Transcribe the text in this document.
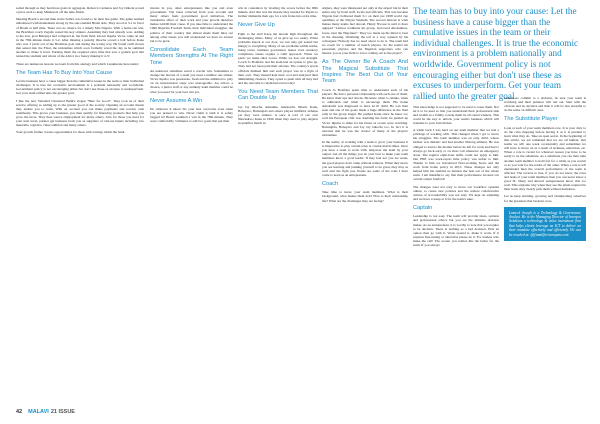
sailed through as they had more goals in aggregate. Rebecca Cardenas and Joy Oduola scored a pivot each to keep Minnesota off the nine-finish.

Meeting Brazil a second time in the Semi's was found to be their last game. The game seemed unbalanced with momentum strong by the star-studded Brazil side. They stood at 3-1 in favor of Brazil at half time. There was no chance for a timely Mrs Nigeria. With a home run win, the Brazilian coach Zagallo rested his key strikers. Assuming they had already won. Adding to the loss, goal Babajays had collapsed in, the fresh field, known Ikpeba Victor came on and in the 78th minute made it 3-2. After missing a penalty Okocha scored a ball before Kanu who was 3 yards out of the Brazilian goal and during the wrong way. He found swift moves that seized into the Final, the nicknames which soon formally saved the day as he summed another to make it level. Earning them the required extra time that saw a golden goal that turned the stadium and whole of the Africa in a frenzy making it 4-3!

There are numerous lessons we learn from this analogy and which I enumerate here under:

The Team Has To Buy Into Your Cause

Let the business have a cause bigger than the cumulative issues in the team or their individual challenges. It is true the economic environment is a problem nationally and worldwide. Government policy is not encouraging either but don't use those as excuses to underperform. Get your team rallied unto the greater goal.

I like the new Standard Chartered Bank's slogan "Here for Good". They took us of their service offering as adding up to the greater good of the society. Opening an account means they enable you to trade. With an account you can make payments and receive cash seamlessly. This grows your business, you then qualify for financing products that help you grow the more. They then source employment for many others. Jobs for those you need for your next level, partner get business from you as suppliers of various inputs including raw materials, logistics, value addition and many others.

Your growth further creates opportunities for those with savings which the bank

invests in you, other entrepreneurs like you and even government. The taxes collected from your account and many others fuels government good initiatives. The cumulative effect of their work and your growth therefore makes GOOD their cause. If you take time to understand the 1996 Nigerian Football Team, their individual struggles, the politics of their country that almost made them miss out among other issues you will understand we have no excuse but to be great.

Consolidate Each Team Members Strengths At The Right Tone

An unknown substitute saved a crucial win. Sometimes to change the morale of a team you need a number one striker. Victor Ikpeba was passionate, fresh and the ambition to play on an international stage was unstoppable. An action, a chance, a junior staff or any unlikely team member could be what you need for your best win yet.

Never Assume A Win

Do whatever it takes! Do your best overcome even when you are praised to win. Never claim it until it is safely bagged in! Brazil assumed a win in the 78th minute. They were comfortably 3 minutes to add two goals that put their

win in contention by leveling the scores before the 90th minute. And that was the morale they needed for Papilo to further dismantle their ego for a win fraise into extra time.

Never Give Up

Fight to the end! Keep the morale high throughout the challenging times. Many of us give up too easily. When problems knock at our door, we run only get zested but hungry to everything. Many of our problems within teams, rising taxes, business governance issues even statutory compliance issues require a calm approach. When we panic we make rules worse. While we lose our strength. Coach Jo Bonfrère and his team had an option to give up. They had not been paid their salaries. The country's sports officials disliked him and each player was in a fight of their own. They instead kept their cool and analyzed their diminishing chances. They opted to push with all they had and the outcome is celebrated even today!

You Need Team Members That Can Double Up

Jay Jay Okocha, Amunike, Amokachi, Oliseh, Kanu, Babayaro, Babangida and others played midfield, defense yet they were strikers. A once is told of our own Nkwankwo Kanu in 1996 when they used to play Algeria in qualifier match in

Algiers, they were mistreated not only at the airport but in their entire stay by hotel staff, locals and officials. This was because Nigeria had clobbered them 3-1 on their pre 1998 world cup qualifiers at the Naiyas Stadium. The second turnout is what makes many teams feel abroad. Henry Nwosu is said to have quipped "Latinos traditions kit group, borrowed Ahonsuhwe, boots, beat the Nigerians". They too made up his mind to beat in the dressing. Obtaining the toil at a very reputed by his colleagues."Nobody has no need about to do it. The team had no coach for a number of bench players. So the team's kit personnel, physios and the Nigerian supporters who can mentor you as your field to it not coming out as the player".

As The Owner Be A Coach And The Magical Substitute That Inspires The Best Out Of Your Team

Coach Jo Bonfrère spent time to understand each of his players. He had a personal relationship with each one of them. He knew their ups and downs. He knew when to rebuke, when to admonish and when to encourage them. His home Amokachi was diagnosed to have an ill child. He was then seen and one of his goals made a huge difference in the final rally in the group stages. He pushed Kanu since he knew too well his European club was doubting his form; he pushed up Victor Ikpeba to shine for his future as scouts were watching. Babangida, Babayaro and Jay Jay Okocha too. In fact it is narrated that he was the creator of many of the players' nicknames.

In the reality of working with a team to grow your business it is imperative to play certain roles at crucial match times. Once you have a team to work with, empower the team by your output. Get all the things you do your best to make your team members know a good leader. If they feel not you are weak, the good players don't camp without remorse. When they know you are learning and pushing yourself to be great, they may as well start the fight you. Praise are some of the roles I have come to learn as an entrepreneur.

Coach

Take time to know your team members. What is their background, what makes them tick? How is their relationship life? What are the challenges they are facing?

The team has to buy into your cause: Let the business have a cause bigger than the cumulative issues in the team or their individual challenges. It is true the economic environment is a problem nationally and worldwide. Government policy is not encouraging either but don't use these as excuses to underperform. Get your team rallied unto the greater goal.

This knowledge is not supposed to be used to tease them. Not let it to be used so that you understand their professional side and wealth as a family to help them be all round winners. This could be the key to unlock your team's business which will translate to your bottom line.

A while back I was hard on our team member that we had a privilege of working with. This changed when I got to know his struggles. The team member was an only child, whose mother was diabetic and had another lifelong ailment. He was obliged to tend to his mother before he left for work and had to always go back early or on short call whenever an emergency arose. The regular eight-hour shifts could not apply to him. Our HSE was work-report time policy was unfair to him. Thanks to him we introduced flexi-working hours and the work from home policy in 2013. These changes not only helped him but enabled us harness the best out of the whole team. I am thankful to say that their performance boosted our overall output fourfold!

The changes were not easy to move our workflow systems online, to create new policies and the remote collaborative culture of accountability was not easy. We kept on adjusting and we have to keep at it for the team's sake.

Captain

Leadership is not easy. The team will provide ideas, opinion and professional advice but you are the ultimate decision maker. As an entrepreneur, it is worthy to note that you require to be decisive. There is nothing as a bad decision. Pick an option then go with it. Work around it, make it work. If it requires fine-tuning or otherwise please do it. For leaders who make the call! The sooner you realize this the better for the team. If you always

hesitate to commit to a decision, be sure your team is watching and their patience will run out. Start with the obvious and be decisive and then it will be less stressful to do the same on difficult ones.

The Substitute Player

Look at each of your team members role. It is your duty to do the criss mapping before having it as it is prudent to learn what they do. Take an open secret. In the beginning of this article, we are reminded that we are all human. Our teams we will one week occasionally and sometimes we will have to move on as a result of sickness, education, etc. When a role is vacant for whatever reason you have to be ready to be the substitute. As a substitute you can then train another team member to hold fort for a while as you recruit or as you wait for the return of the other. When a role is left unattended then the overall performance of the team is affected. The reverse is true, if you do not know the roles and tasks of your team members then you can never know a good fit. Sharp and shrewd entrepreneurs know this too well. This explains why when they see the talent required in their team, they clearly pick them without hesitation.

Let us keep learning, growing and championing ourselves for the greatness that beckons at us.

Lameck Joseph is a Technology & Governance Analyst. He is the Managing Director of Invespot Solutions a technology & value investment firm that helps clients leverage on ICT to deliver on their mandate effectively and efficiently. He can be reached at: lj@tamilfin-invespots.com
42 MALAVI 21 ISSUE
